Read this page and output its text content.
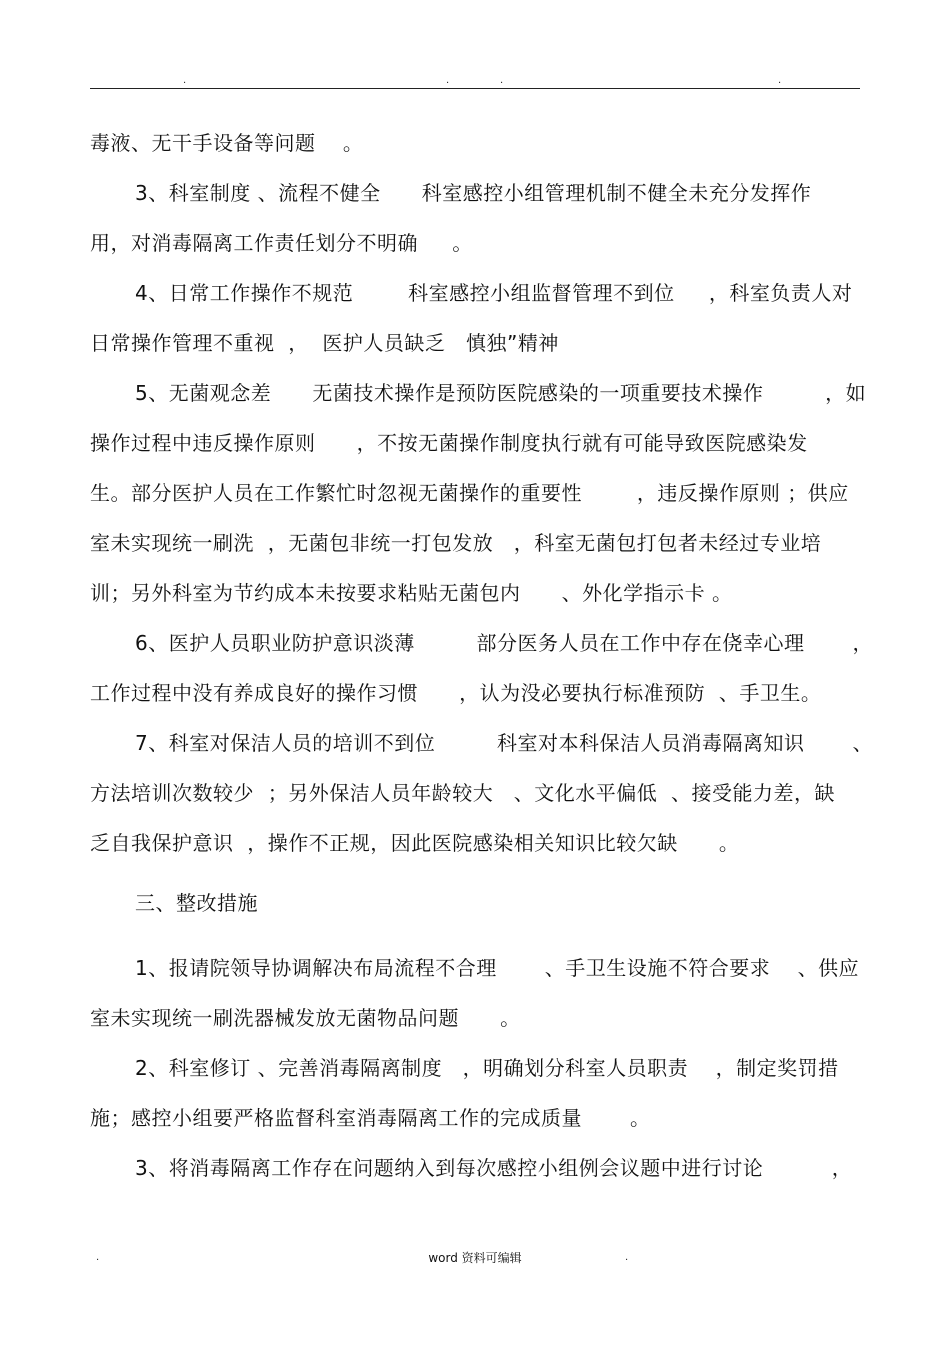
.	.	.	.
毒液、无干手设备等问题    。
3、科室制度 、流程不健全      科室感控小组管理机制不健全未充分发挥作
用，对消毒隔离工作责任划分不明确     。
4、日常工作操作不规范        科室感控小组监督管理不到位     ，科室负责人对
日常操作管理不重视  ，  医护人员缺乏   慎独”精神
5、无菌观念差      无菌技术操作是预防医院感染的一项重要技术操作         ，如
操作过程中违反操作原则      ，不按无菌操作制度执行就有可能导致医院感染发
生。部分医护人员在工作繁忙时忽视无菌操作的重要性        ，违反操作原则 ；供应
室未实现统一刷洗  ，无菌包非统一打包发放   ，科室无菌包打包者未经过专业培
训；另外科室为节约成本未按要求粘贴无菌包内      、外化学指示卡 。
6、医护人员职业防护意识淡薄         部分医务人员在工作中存在侥幸心理       ，
工作过程中没有养成良好的操作习惯      ，认为没必要执行标准预防  、手卫生。
7、科室对保洁人员的培训不到位         科室对本科保洁人员消毒隔离知识       、
方法培训次数较少  ；另外保洁人员年龄较大   、文化水平偏低  、接受能力差，缺
乏自我保护意识  ，操作不正规，因此医院感染相关知识比较欠缺      。
三、整改措施
1、报请院领导协调解决布局流程不合理       、手卫生设施不符合要求    、供应
室未实现统一刷洗器械发放无菌物品问题      。
2、科室修订 、完善消毒隔离制度   ，明确划分科室人员职责    ，制定奖罚措
施；感控小组要严格监督科室消毒隔离工作的完成质量       。
3、将消毒隔离工作存在问题纳入到每次感控小组例会议题中进行讨论          ，
.	word 资料可编辑	.
